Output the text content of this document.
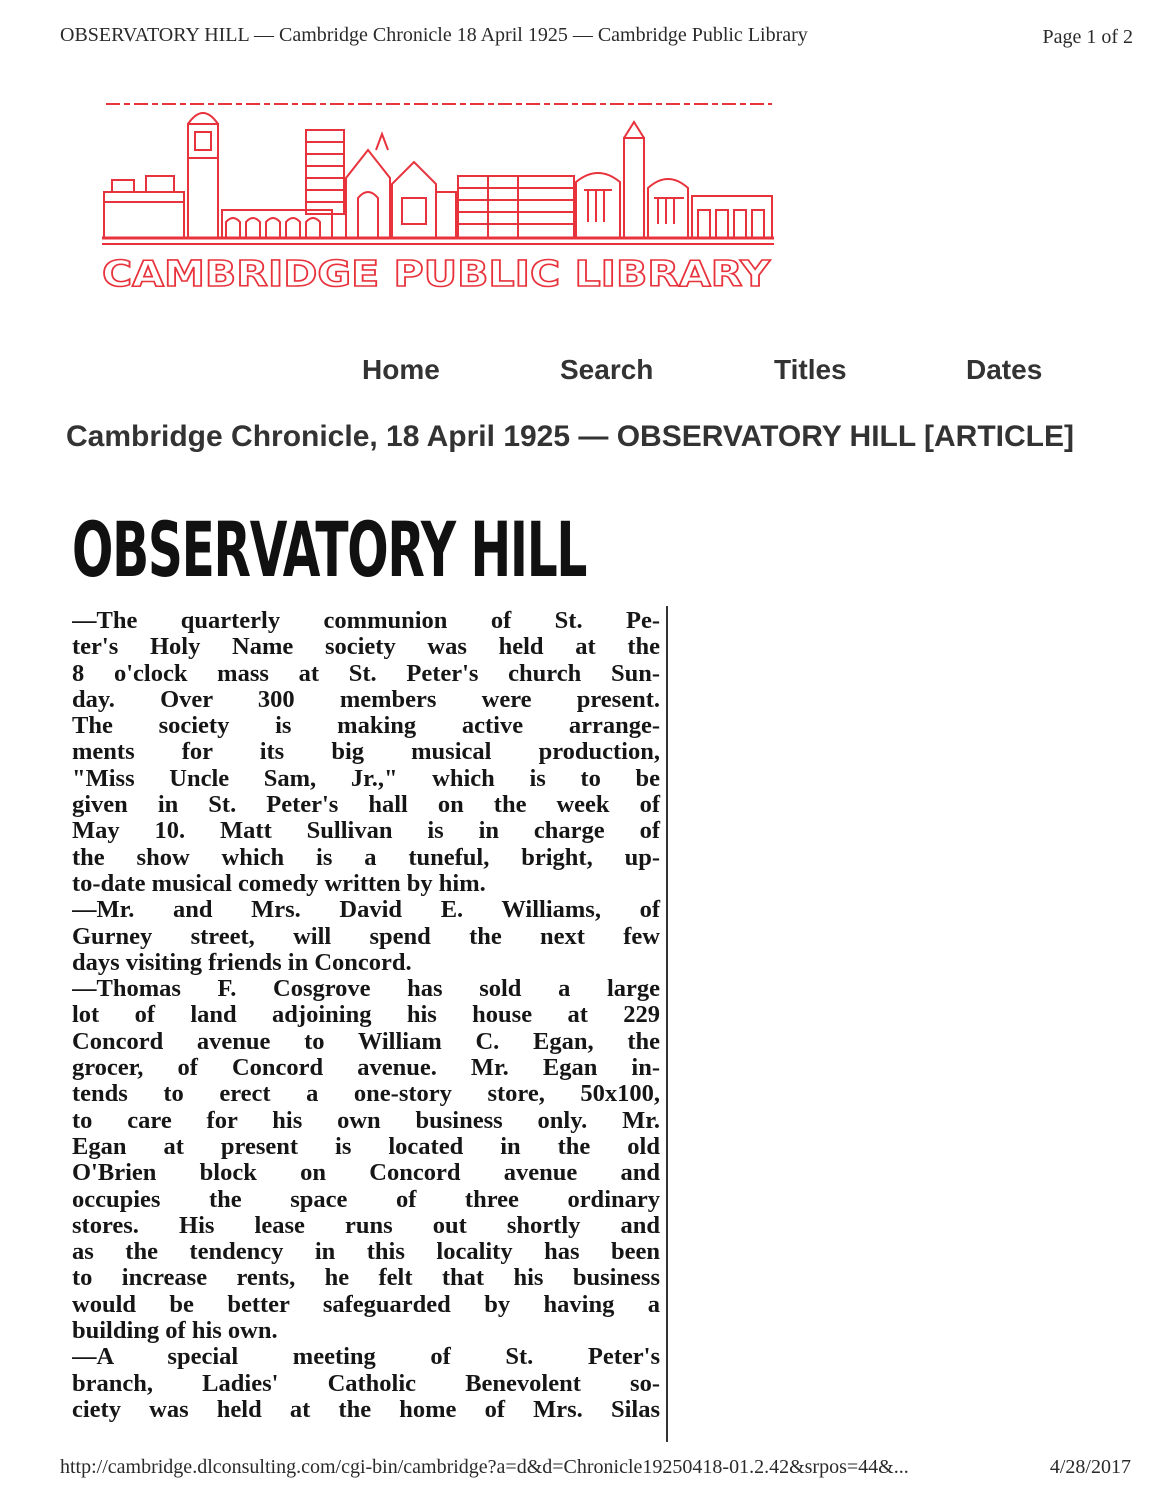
OBSERVATORY HILL — Cambridge Chronicle 18 April 1925 — Cambridge Public Library	Page 1 of 2
CAMBRIDGE PUBLIC LIBRARY
Home	Search	Titles	Dates
Cambridge Chronicle, 18 April 1925 — OBSERVATORY HILL [ARTICLE]
OBSERVATORY HILL

—The quarterly communion of St. Pe-

ter's Holy Name society was held at the

8 o'clock mass at St. Peter's church Sun-

day. Over 300 members were present.

The society is making active arrange-

ments for its big musical production,

"Miss Uncle Sam, Jr.," which is to be

given in St. Peter's hall on the week of

May 10. Matt Sullivan is in charge of

the show which is a tuneful, bright, up-

to-date musical comedy written by him.

—Mr. and Mrs. David E. Williams, of

Gurney street, will spend the next few

days visiting friends in Concord.

—Thomas F. Cosgrove has sold a large

lot of land adjoining his house at 229

Concord avenue to William C. Egan, the

grocer, of Concord avenue. Mr. Egan in-

tends to erect a one-story store, 50x100,

to care for his own business only. Mr.

Egan at present is located in the old

O'Brien block on Concord avenue and

occupies the space of three ordinary

stores. His lease runs out shortly and

as the tendency in this locality has been

to increase rents, he felt that his business

would be better safeguarded by having a

building of his own.

—A special meeting of St. Peter's

branch, Ladies' Catholic Benevolent so-

ciety was held at the home of Mrs. Silas

http://cambridge.dlconsulting.com/cgi-bin/cambridge?a=d&d=Chronicle19250418-01.2.42&srpos=44&...	4/28/2017
